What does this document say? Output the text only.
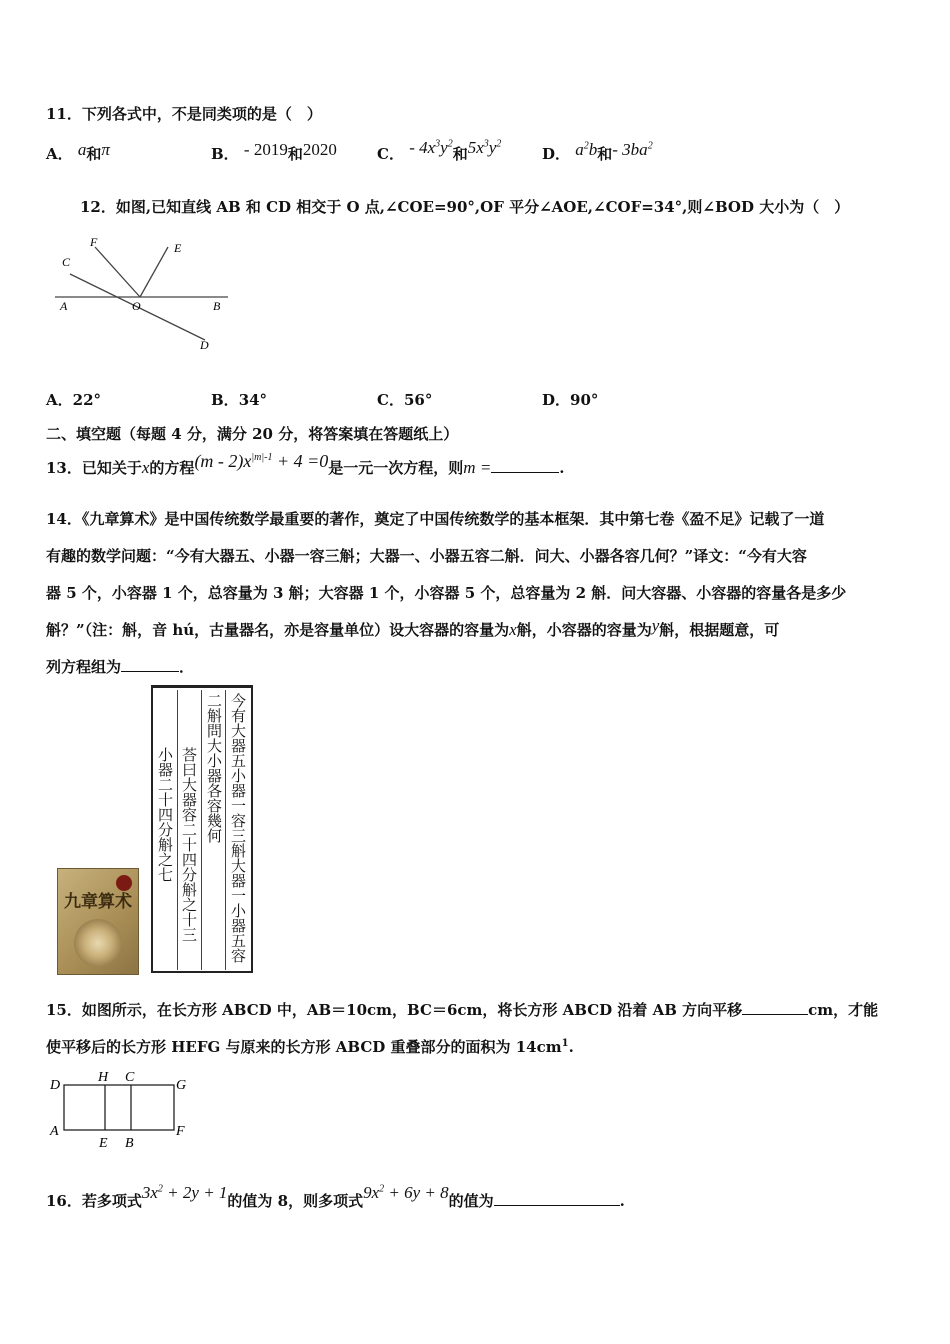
11．下列各式中，不是同类项的是（　）
A． a和π	B． - 2019和2020	C． - $4x^3y^2$和$5x^3y^2$
D． $a^2b$和- $3ba^2$
12．如图,已知直线 AB 和 CD 相交于 O 点,∠COE=90°,OF 平分∠AOE,∠COF=34°,则∠BOD 大小为（　）
F	E
C
A	O	B
D
A．22°	B．34°	C．56°	D．90°
二、填空题（每题 4 分，满分 20 分，将答案填在答题纸上）
13．已知关于x的方程$(m - 2)x^{|m|-1} + 4 =0$是一元一次方程，则m =	.
14．《九章算术》是中国传统数学最重要的著作，奠定了中国传统数学的基本框架．其中第七卷《盈不足》记载了一道
有趣的数学问题：“今有大器五、小器一容三斛；大器一、小器五容二斛．问大、小器各容几何？”译文：“今有大容
器 5 个，小容器 1 个，总容量为 3 斛；大容器 1 个，小容器 5 个，总容量为 2 斛．问大容器、小容器的容量各是多少
斛？”（注：斛，音 hú，古量器名，亦是容量单位）设大容器的容量为x斛，小容器的容量为y斛，根据题意，可
列方程组为	．
九章算术	今有大器五小器一容三斛大器一小器五容
二斛問大小器各容幾何
荅曰大器容二十四分斛之十三
小器二十四分斛之七
15．如图所示，在长方形 ABCD 中，AB＝10cm，BC＝6cm，将长方形 ABCD 沿着 AB 方向平移	cm，才能
使平移后的长方形 HEFG 与原来的长方形 ABCD 重叠部分的面积为 $14cm^1$.
D
H C
G
A
E B
F
16．若多项式$3x^2 + 2y + 1$的值为 8，则多项式$9x^2 + 6y + 8$的值为	.
